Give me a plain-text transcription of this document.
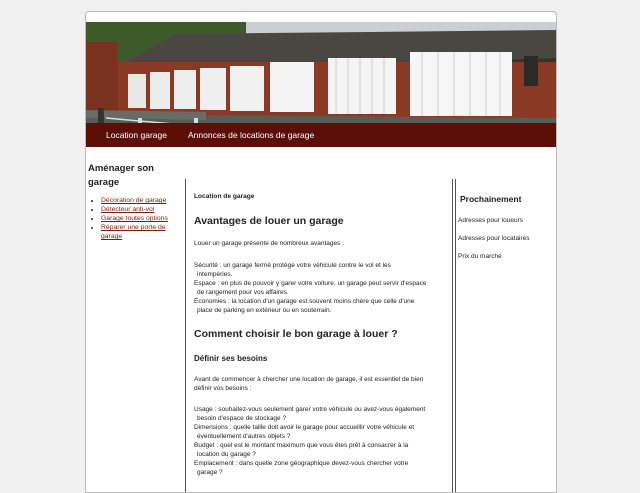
Location garage Annonces de locations de garage
Aménager son garage
• Décoration de garage
• Détecteur anti-vol
• Garage toutes options
• Réparer une porte de garage
Location de garage
Avantages de louer un garage

Louer un garage présente de nombreux avantages :

Sécurité : un garage fermé protège votre véhicule contre le vol et les
intempéries.
Espace : en plus de pouvoir y garer votre voiture, un garage peut servir d'espace
de rangement pour vos affaires.
Économies : la location d'un garage est souvent moins chère que celle d'une
place de parking en extérieur ou en souterrain.
Comment choisir le bon garage à louer ?
Définir ses besoins

Avant de commencer à chercher une location de garage, il est essentiel de bien
définir vos besoins :

Usage : souhaitez-vous seulement garer votre véhicule ou avez-vous également
besoin d'espace de stockage ?
Dimensions : quelle taille doit avoir le garage pour accueillir votre véhicule et
éventuellement d'autres objets ?
Budget : quel est le montant maximum que vous êtes prêt à consacrer à la
location du garage ?
Emplacement : dans quelle zone géographique devez-vous chercher votre
garage ?
Prochainement
Adresses pour loueurs
Adresses pour locataires
Prix du marché
